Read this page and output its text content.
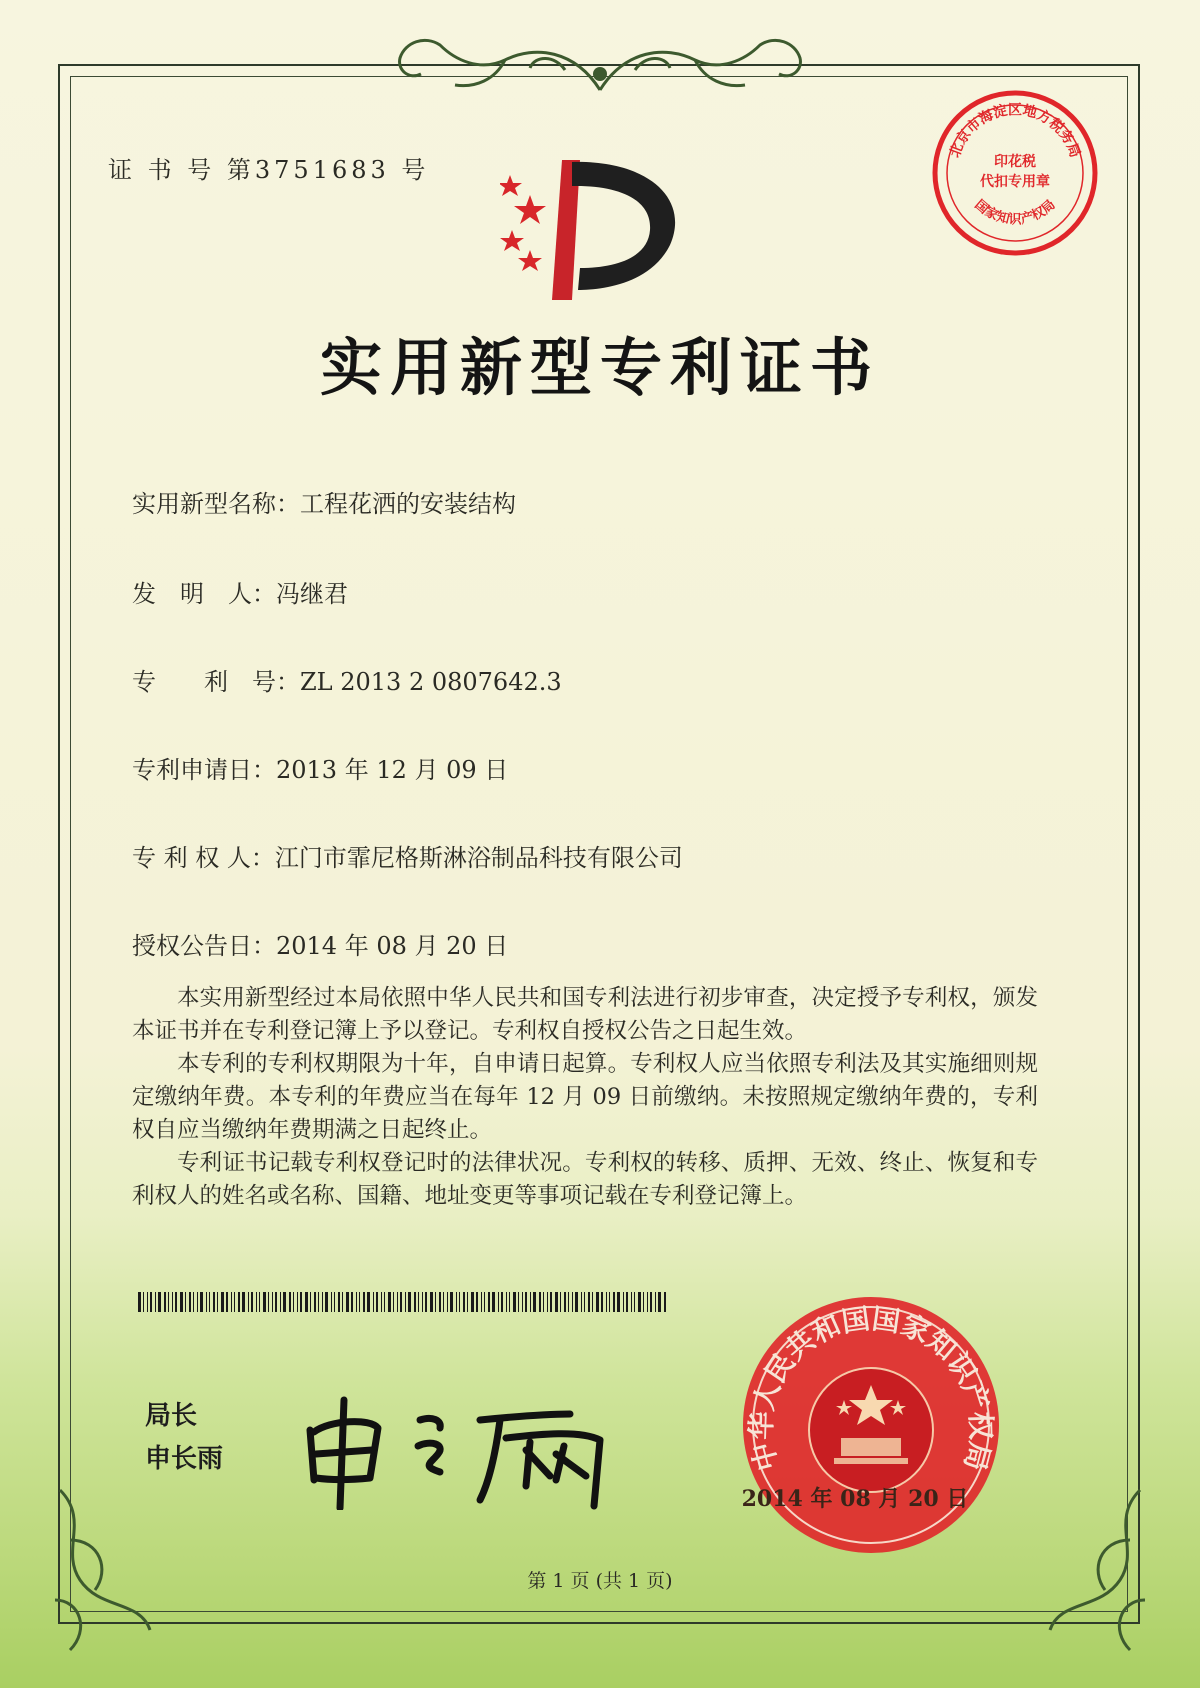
证 书 号 第3751683 号
北京市海淀区地方税务局
国家知识产权局
印花税
代扣专用章
实用新型专利证书
实用新型名称：工程花洒的安装结构
发　明　人：冯继君
专　　利　号：ZL 2013 2 0807642.3
专利申请日：2013 年 12 月 09 日
专 利 权 人：江门市霏尼格斯淋浴制品科技有限公司
授权公告日：2014 年 08 月 20 日

本实用新型经过本局依照中华人民共和国专利法进行初步审查，决定授予专利权，颁发本证书并在专利登记簿上予以登记。专利权自授权公告之日起生效。

本专利的专利权期限为十年，自申请日起算。专利权人应当依照专利法及其实施细则规定缴纳年费。本专利的年费应当在每年 12 月 09 日前缴纳。未按照规定缴纳年费的，专利权自应当缴纳年费期满之日起终止。

专利证书记载专利权登记时的法律状况。专利权的转移、质押、无效、终止、恢复和专利权人的姓名或名称、国籍、地址变更等事项记载在专利登记簿上。

局长
申长雨	中华人民共和国国家知识产权局
2014 年 08 月 20 日
第 1 页 (共 1 页)
